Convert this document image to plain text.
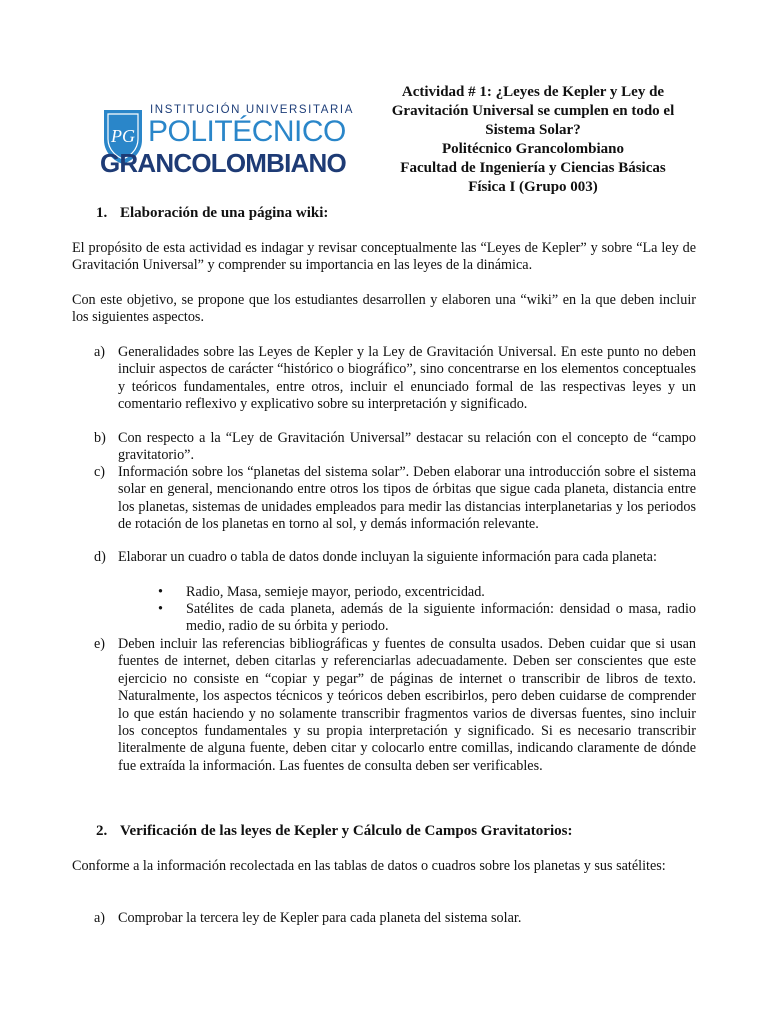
PG
INSTITUCIÓN UNIVERSITARIA
POLITÉCNICO
GRANCOLOMBIANO
Actividad # 1: ¿Leyes de Kepler y Ley de
Gravitación Universal se cumplen en todo el
Sistema Solar?
Politécnico Grancolombiano
Facultad de Ingeniería y Ciencias Básicas
Física I (Grupo 003)
1. Elaboración de una página wiki:
El propósito de esta actividad es indagar y revisar conceptualmente las “Leyes de Kepler” y sobre “La ley de Gravitación Universal” y comprender su importancia en las leyes de la dinámica.
Con este objetivo, se propone que los estudiantes desarrollen y elaboren una “wiki” en la que deben incluir los siguientes aspectos.
a) Generalidades sobre las Leyes de Kepler y la Ley de Gravitación Universal. En este punto no deben incluir aspectos de carácter “histórico o biográfico”, sino concentrarse en los elementos conceptuales y teóricos fundamentales, entre otros, incluir el enunciado formal de las respectivas leyes y un comentario reflexivo y explicativo sobre su interpretación y significado.
b) Con respecto a la “Ley de Gravitación Universal” destacar su relación con el concepto de “campo gravitatorio”.
c) Información sobre los “planetas del sistema solar”. Deben elaborar una introducción sobre el sistema solar en general, mencionando entre otros los tipos de órbitas que sigue cada planeta, distancia entre los planetas, sistemas de unidades empleados para medir las distancias interplanetarias y los periodos de rotación de los planetas en torno al sol, y demás información relevante.
d) Elaborar un cuadro o tabla de datos donde incluyan la siguiente información para cada planeta:
• Radio, Masa, semieje mayor, periodo, excentricidad.
• Satélites de cada planeta, además de la siguiente información: densidad o masa, radio medio, radio de su órbita y periodo.
e) Deben incluir las referencias bibliográficas y fuentes de consulta usados. Deben cuidar que si usan fuentes de internet, deben citarlas y referenciarlas adecuadamente. Deben ser conscientes que este ejercicio no consiste en “copiar y pegar” de páginas de internet o transcribir de libros de texto. Naturalmente, los aspectos técnicos y teóricos deben escribirlos, pero deben cuidarse de comprender lo que están haciendo y no solamente transcribir fragmentos varios de diversas fuentes, sino incluir los conceptos fundamentales y su propia interpretación y significado. Si es necesario transcribir literalmente de alguna fuente, deben citar y colocarlo entre comillas, indicando claramente de dónde fue extraída la información. Las fuentes de consulta deben ser verificables.
2. Verificación de las leyes de Kepler y Cálculo de Campos Gravitatorios:
Conforme a la información recolectada en las tablas de datos o cuadros sobre los planetas y sus satélites:
a) Comprobar la tercera ley de Kepler para cada planeta del sistema solar.
